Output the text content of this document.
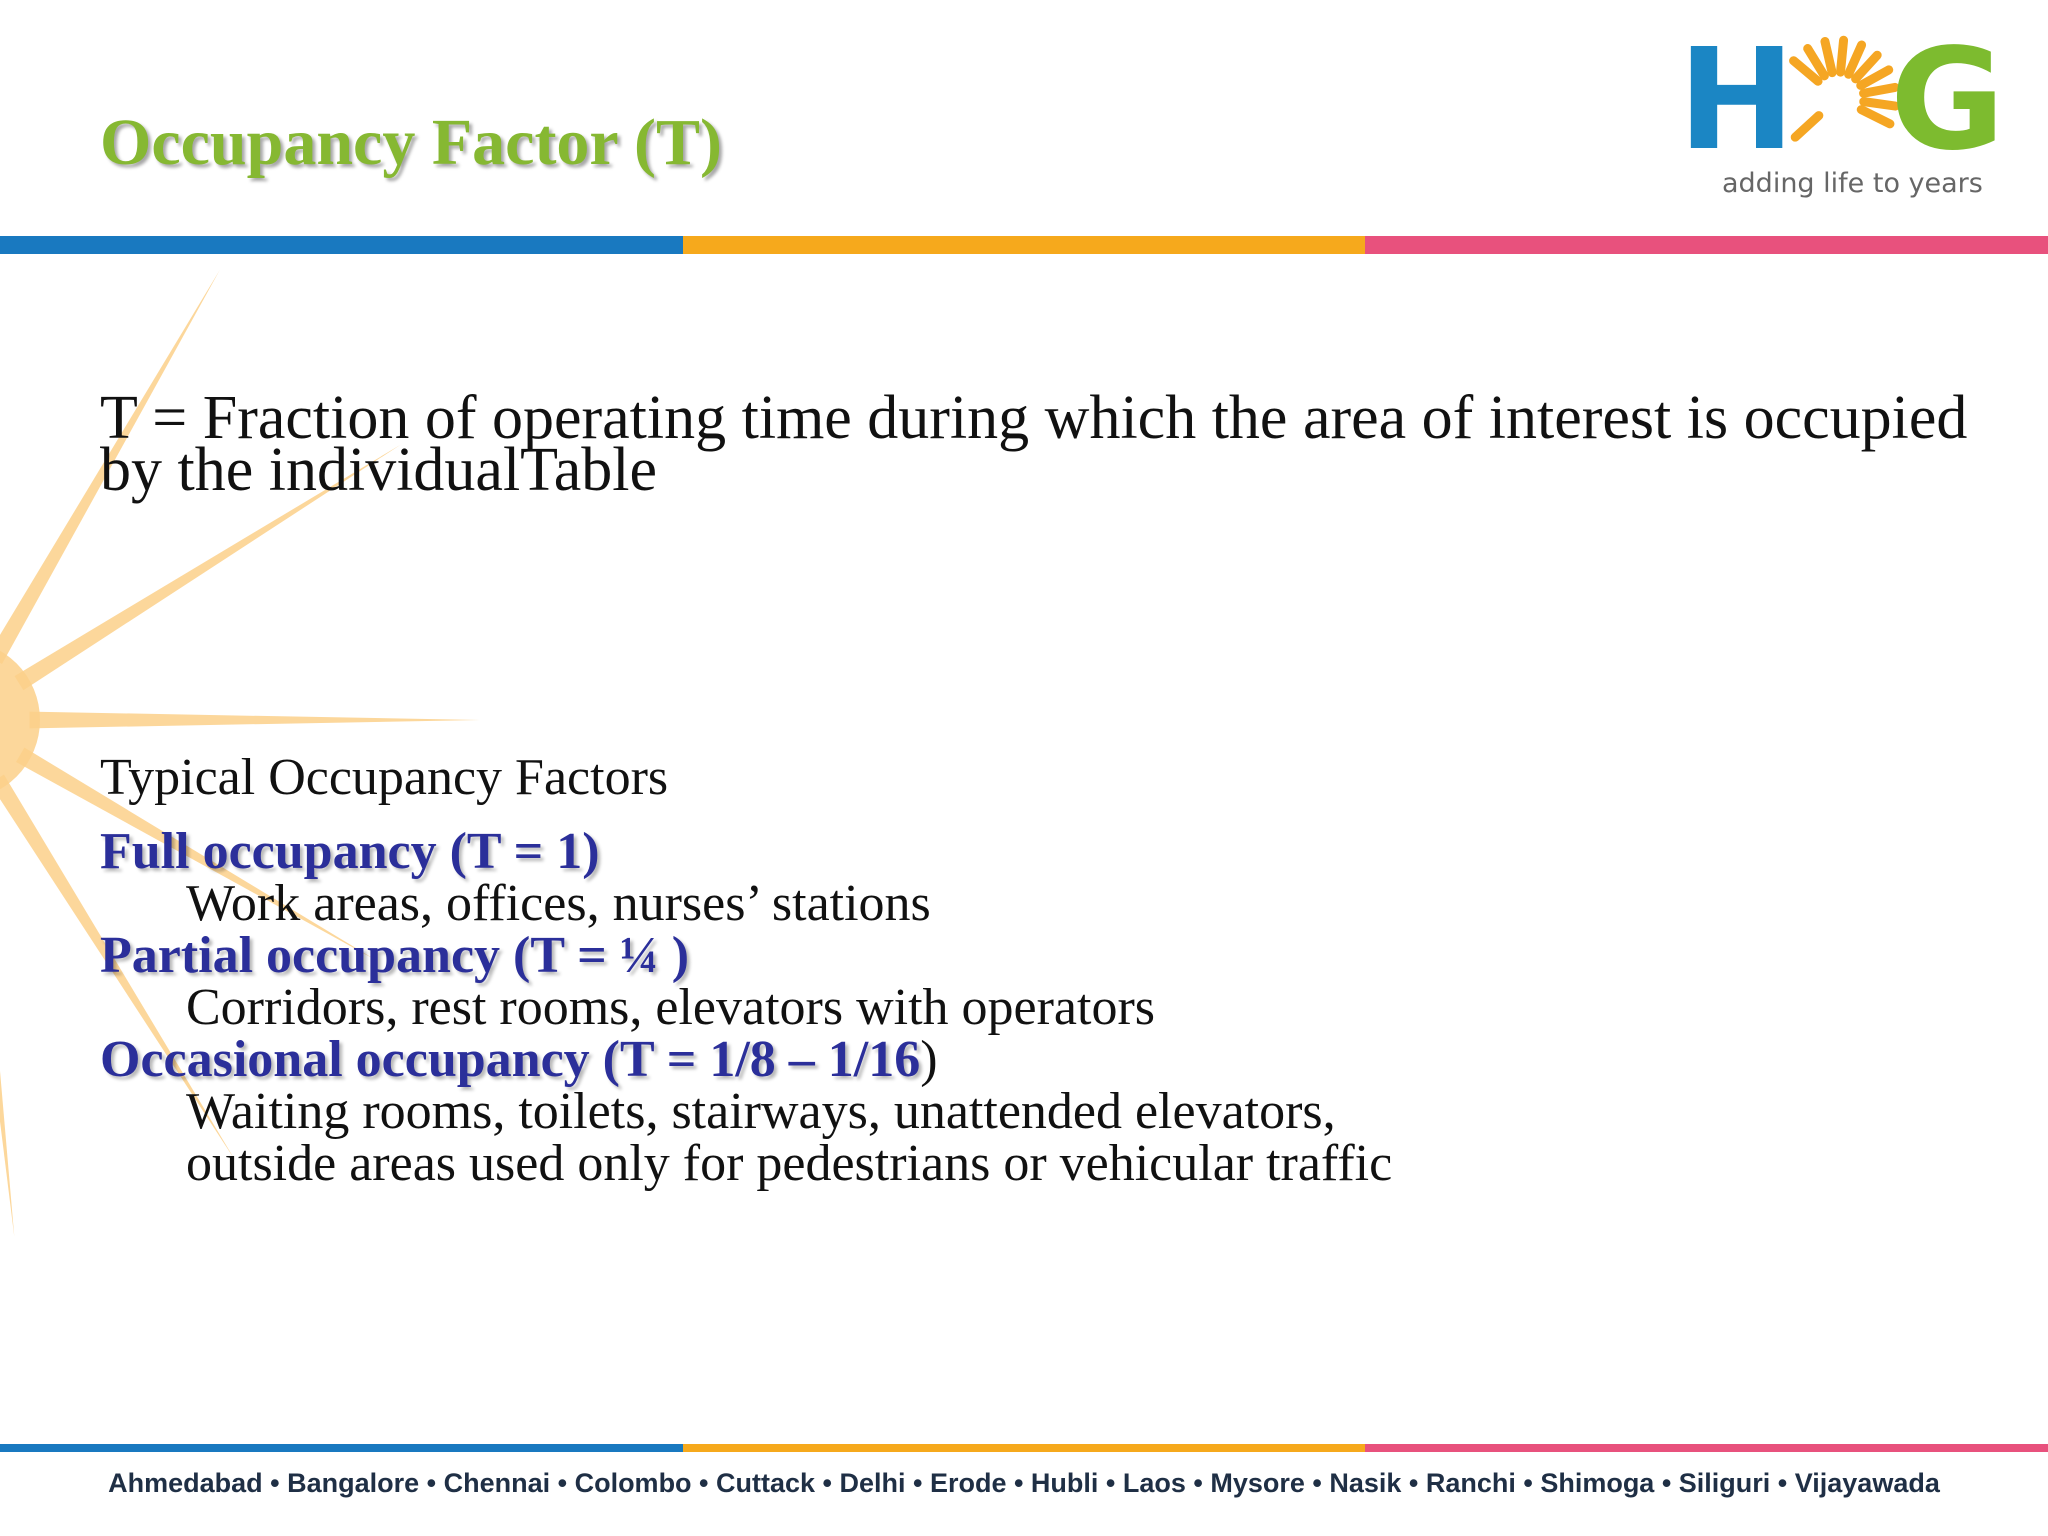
Occupancy Factor (T)	H G
adding life to years
T = Fraction of operating time during which the area of interest is occupied by the individualTable
Typical Occupancy Factors
Full occupancy (T = 1)
Work areas, offices, nurses’ stations
Partial occupancy (T = ¼ )
Corridors, rest rooms, elevators with operators
Occasional occupancy (T = 1/8 – 1/16)
Waiting rooms, toilets, stairways, unattended elevators,
outside areas used only for pedestrians or vehicular traffic
Ahmedabad • Bangalore • Chennai • Colombo • Cuttack • Delhi • Erode • Hubli • Laos • Mysore • Nasik • Ranchi • Shimoga • Siliguri • Vijayawada
